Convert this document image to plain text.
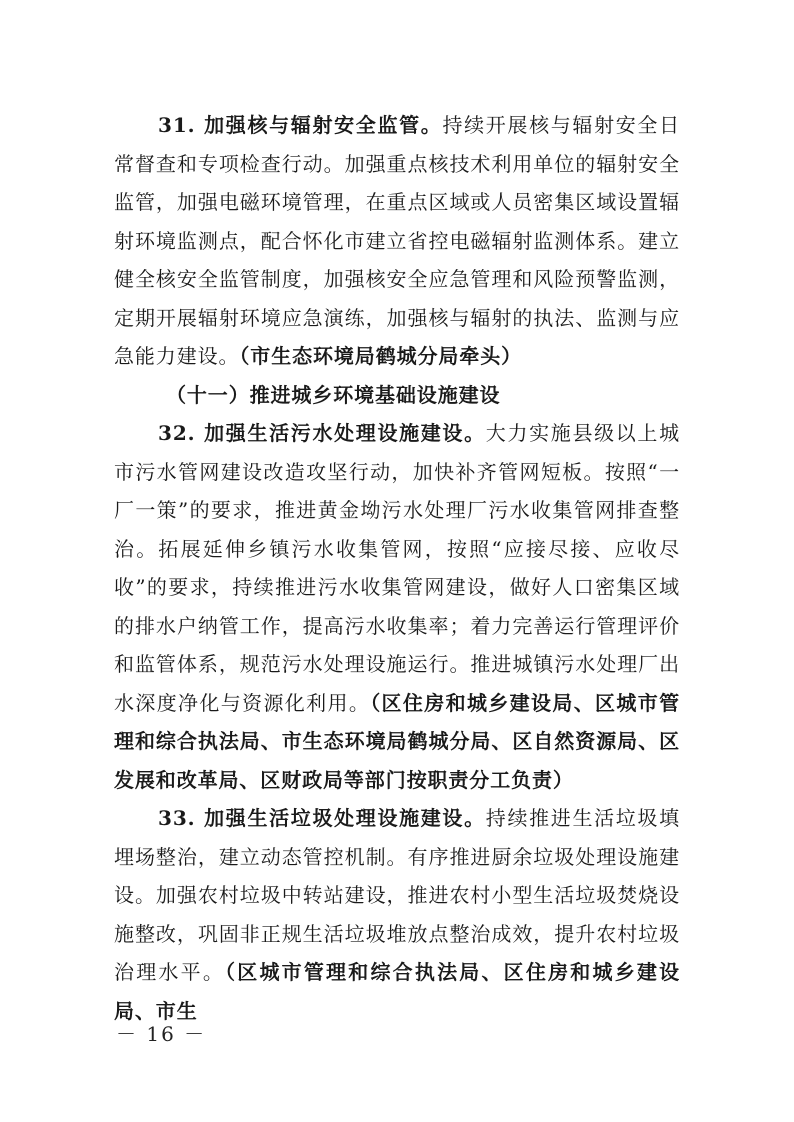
31. 加强核与辐射安全监管。持续开展核与辐射安全日常督查和专项检查行动。加强重点核技术利用单位的辐射安全监管，加强电磁环境管理，在重点区域或人员密集区域设置辐射环境监测点，配合怀化市建立省控电磁辐射监测体系。建立健全核安全监管制度，加强核安全应急管理和风险预警监测，定期开展辐射环境应急演练，加强核与辐射的执法、监测与应急能力建设。（市生态环境局鹤城分局牵头）

（十一）推进城乡环境基础设施建设

32. 加强生活污水处理设施建设。大力实施县级以上城市污水管网建设改造攻坚行动，加快补齐管网短板。按照“一厂一策”的要求，推进黄金坳污水处理厂污水收集管网排查整治。拓展延伸乡镇污水收集管网，按照“应接尽接、应收尽收”的要求，持续推进污水收集管网建设，做好人口密集区域的排水户纳管工作，提高污水收集率；着力完善运行管理评价和监管体系，规范污水处理设施运行。推进城镇污水处理厂出水深度净化与资源化利用。（区住房和城乡建设局、区城市管理和综合执法局、市生态环境局鹤城分局、区自然资源局、区发展和改革局、区财政局等部门按职责分工负责）

33. 加强生活垃圾处理设施建设。持续推进生活垃圾填埋场整治，建立动态管控机制。有序推进厨余垃圾处理设施建设。加强农村垃圾中转站建设，推进农村小型生活垃圾焚烧设施整改，巩固非正规生活垃圾堆放点整治成效，提升农村垃圾治理水平。（区城市管理和综合执法局、区住房和城乡建设局、市生

－ 16 －
